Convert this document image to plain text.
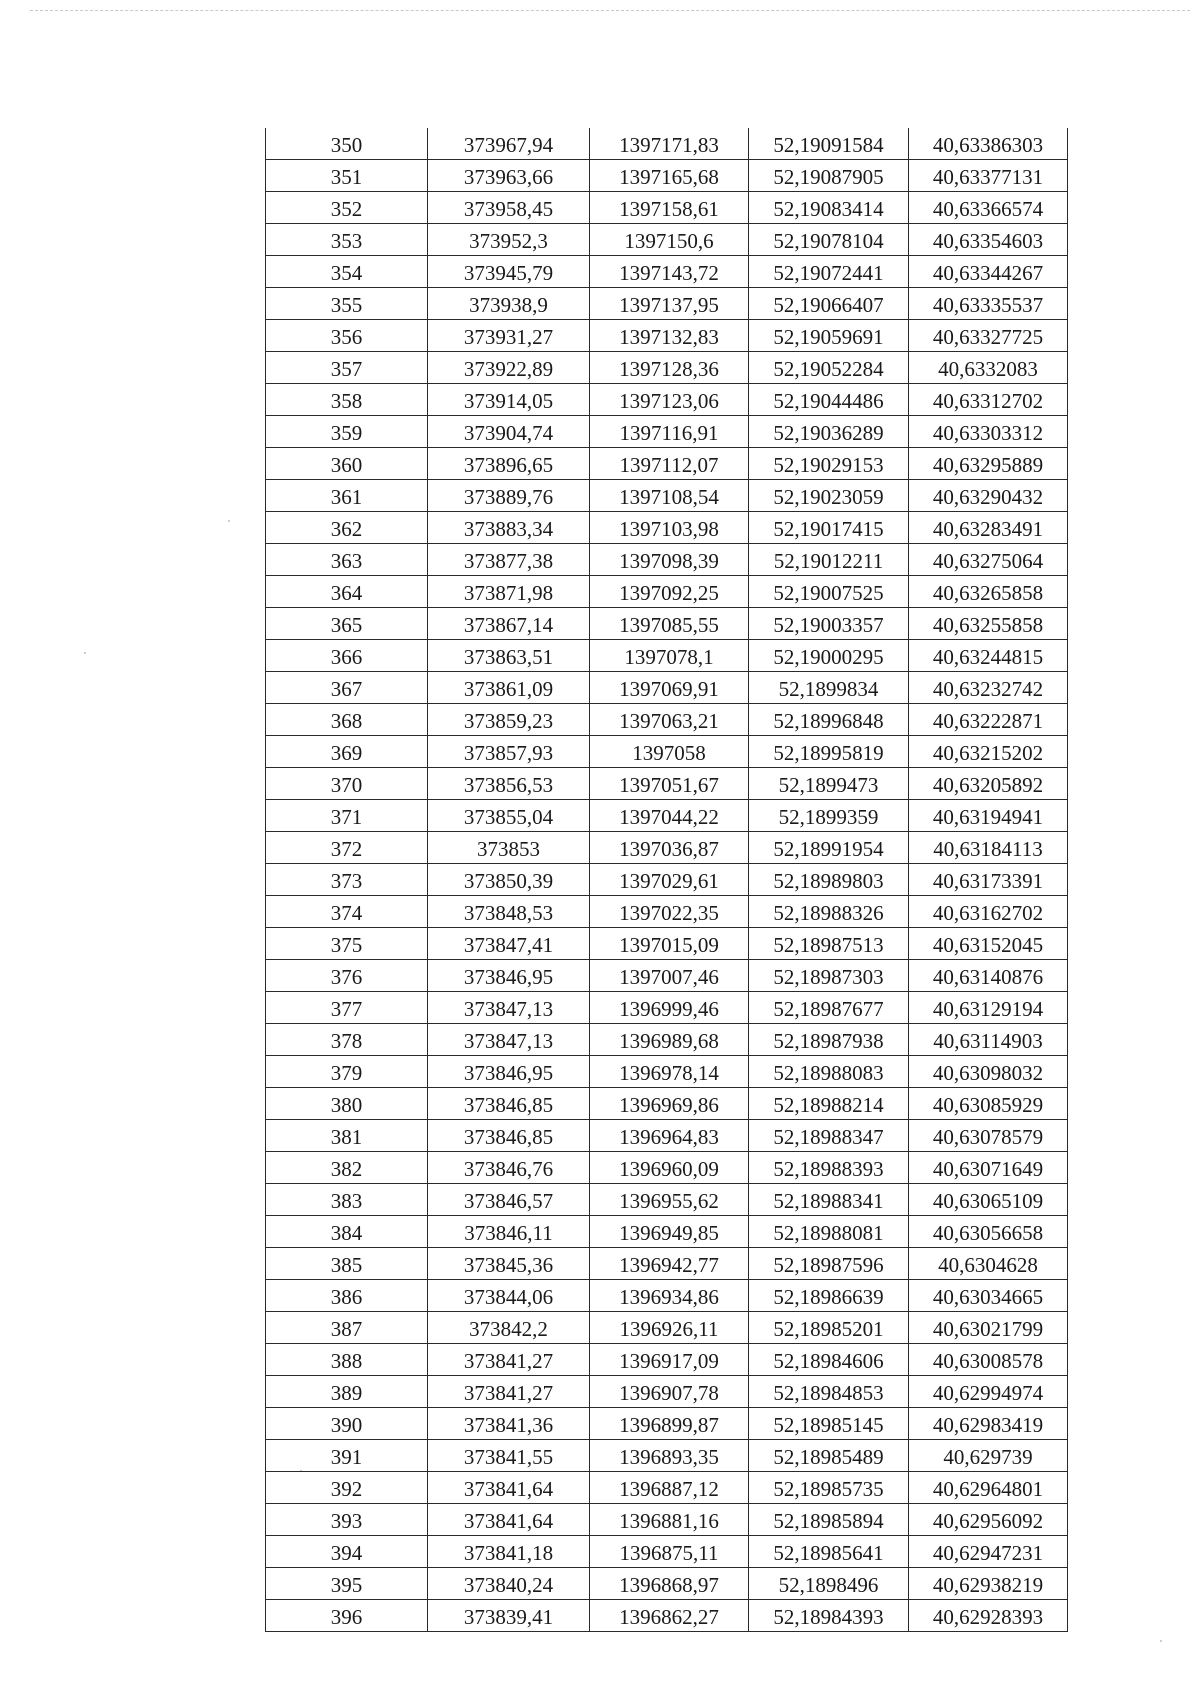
350	373967,94	1397171,83	52,19091584	40,63386303
351	373963,66	1397165,68	52,19087905	40,63377131
352	373958,45	1397158,61	52,19083414	40,63366574
353	373952,3	1397150,6	52,19078104	40,63354603
354	373945,79	1397143,72	52,19072441	40,63344267
355	373938,9	1397137,95	52,19066407	40,63335537
356	373931,27	1397132,83	52,19059691	40,63327725
357	373922,89	1397128,36	52,19052284	40,6332083
358	373914,05	1397123,06	52,19044486	40,63312702
359	373904,74	1397116,91	52,19036289	40,63303312
360	373896,65	1397112,07	52,19029153	40,63295889
361	373889,76	1397108,54	52,19023059	40,63290432
362	373883,34	1397103,98	52,19017415	40,63283491
363	373877,38	1397098,39	52,19012211	40,63275064
364	373871,98	1397092,25	52,19007525	40,63265858
365	373867,14	1397085,55	52,19003357	40,63255858
366	373863,51	1397078,1	52,19000295	40,63244815
367	373861,09	1397069,91	52,1899834	40,63232742
368	373859,23	1397063,21	52,18996848	40,63222871
369	373857,93	1397058	52,18995819	40,63215202
370	373856,53	1397051,67	52,1899473	40,63205892
371	373855,04	1397044,22	52,1899359	40,63194941
372	373853	1397036,87	52,18991954	40,63184113
373	373850,39	1397029,61	52,18989803	40,63173391
374	373848,53	1397022,35	52,18988326	40,63162702
375	373847,41	1397015,09	52,18987513	40,63152045
376	373846,95	1397007,46	52,18987303	40,63140876
377	373847,13	1396999,46	52,18987677	40,63129194
378	373847,13	1396989,68	52,18987938	40,63114903
379	373846,95	1396978,14	52,18988083	40,63098032
380	373846,85	1396969,86	52,18988214	40,63085929
381	373846,85	1396964,83	52,18988347	40,63078579
382	373846,76	1396960,09	52,18988393	40,63071649
383	373846,57	1396955,62	52,18988341	40,63065109
384	373846,11	1396949,85	52,18988081	40,63056658
385	373845,36	1396942,77	52,18987596	40,6304628
386	373844,06	1396934,86	52,18986639	40,63034665
387	373842,2	1396926,11	52,18985201	40,63021799
388	373841,27	1396917,09	52,18984606	40,63008578
389	373841,27	1396907,78	52,18984853	40,62994974
390	373841,36	1396899,87	52,18985145	40,62983419
391	373841,55	1396893,35	52,18985489	40,629739
392	373841,64	1396887,12	52,18985735	40,62964801
393	373841,64	1396881,16	52,18985894	40,62956092
394	373841,18	1396875,11	52,18985641	40,62947231
395	373840,24	1396868,97	52,1898496	40,62938219
396	373839,41	1396862,27	52,18984393	40,62928393
